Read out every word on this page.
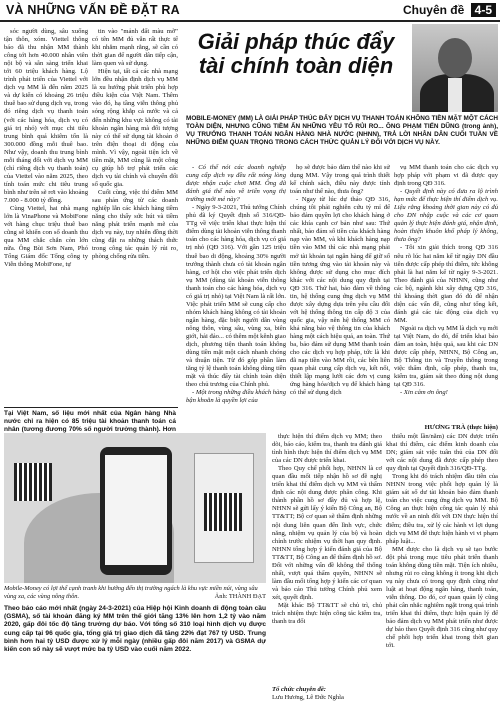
VÀ NHỮNG VẤN ĐỀ ĐẶT RA	Chuyên đề 4-5

sóc người dùng, sâu xuống tận thôn, xóm. Viettel thông báo đã thu nhận MM thành công tới hơn 40.000 nhân viên nội bộ và sẵn sàng triển khai tới 60 triệu khách hàng. Lộ trình phát triển của Viettel với dịch vụ MM là đến năm 2025 và dự kiến có khoảng 26 triệu thuê bao sử dụng dịch vụ, trong đó riêng dịch vụ thanh toán (với các hàng hóa, dịch vụ có giá trị nhỏ) với mục chi tiêu trung bình quá khiêm tốn là 300.000 đồng mỗi thuê bao. Như vậy, doanh thu trung bình mỗi tháng đối với dịch vụ MM (chỉ riêng dịch vụ thanh toán) của Viettel vào năm 2025, theo tính toán mức chi tiêu trung bình như trên sẽ rơi vào khoảng 7.000 - 8.000 tỷ đồng.

Cùng Viettel, hai nhà mạng lớn là VinaPhone và MobiFone với hàng chục triệu thuê bao cũng sẽ khiến con số doanh thu qua MM chắc chắn còn lớn nữa. Ông Bùi Sơn Nam, Phó Tổng Giám đốc Tổng công ty Viễn thông MobiFone, tự

tin vào "mảnh đất màu mỡ" có tên MM đủ vẫn rất thực tế khi nhắm mạnh rằng, sẽ cần có thời gian để người dân tiếp cận, làm quen và sử dụng.

Hiện tại, tất cả các nhà mạng lớn đều nhận định dịch vụ MM là xu hướng phát triển phù hợp điều kiện của Việt Nam. Thêm vào đó, hạ tầng viễn thông phủ sóng rộng khắp cả nước và cả đến những khu vực không có tài khoản ngân hàng mà đối tượng này có thể sử dụng tài khoản ở trên điện thoại di động của mình. Vì vậy, ngoài tiện ích về tiền mặt, MM cũng là một công cụ giúp hỗ trợ phát triển các dịch vụ tài chính và chuyển đổi số quốc gia.

Cuối cùng, việc thí điểm MM sau phản ứng từ các doanh nghiệp lẫn các khách hàng tiềm năng cho thấy sức hút và tiềm năng phát triển mạnh mẽ của dịch vụ này, tuy nhiên đồng thời cũng đặt ra những thách thức trong công tác quản lý rủi ro, phòng chống rửa tiền.

Giải pháp thúc đẩy
tài chính toàn diện
MOBILE-MONEY (MM) LÀ GIẢI PHÁP THÚC ĐẨY DỊCH VỤ THANH TOÁN KHÔNG TIỀN MẶT MỘT CÁCH TOÀN DIỆN, NHƯNG CŨNG TIỀM ẨN NHỮNG YÊU TỐ RỦI RO... ÔNG PHẠM TIẾN DŨNG (trong ảnh), VỤ TRƯỞNG THANH TOÁN NGÂN HÀNG NHÀ NƯỚC (NHNN), TRẢ LỜI NHÂN DÂN CUỐI TUẦN VỀ NHỮNG ĐIỂM QUAN TRỌNG TRONG CÁCH THỨC QUẢN LÝ ĐỐI VỚI DỊCH VỤ NÀY.

- Có thể nói các doanh nghiệp cung cấp dịch vụ đều rất nóng lòng được nhận cuộc chơi MM. Ông đã đánh giá thế nào về triển vọng thị trường mới mẻ này?

- Ngày 9-3-2021, Thủ tướng Chính phủ đã ký Quyết định số 316/QĐ-TTg về việc triển khai thực hiện thí điểm dùng tài khoản viễn thông thanh toán cho các hàng hóa, dịch vụ có giá trị nhỏ (QĐ 316). Với gần 125 triệu thuê bao di động, khoảng 30% người trưởng thành chưa có tài khoản ngân hàng, cơ hội cho việc phát triển dịch vụ MM (dùng tài khoản viễn thông thanh toán cho các hàng hóa, dịch vụ có giá trị nhỏ) tại Việt Nam là rất lớn. Việc phát triển MM sẽ cung cấp cho nhóm khách hàng không có tài khoản ngân hàng, đặc biệt người dân vùng nông thôn, vùng sâu, vùng xa, biên giới, hải đảo... có thêm một kênh giao dịch, phương tiện thanh toán không dùng tiền mặt một cách nhanh chóng và thuận tiện. Từ đó góp phần làm tăng tỷ lệ thanh toán không dùng tiền mặt và thúc đẩy tài chính toàn diện theo chủ trương của Chính phủ.

- Một trong những điều khách hàng bận khoăn là quyền lợi của

họ sẽ được bảo đảm thế nào khi sử dụng MM. Vậy trong quá trình thiết kế chính sách, điều này được tính toán như thế nào, thưa ông?

- Ngay từ lúc dự thảo QĐ 316, chúng tôi phải nghiên cứu tỷ mỉ để bảo đảm quyền lợi cho khách hàng ở các khía cạnh cơ bản như sau: Thứ nhất, bảo đảm số tiền của khách hàng nạp vào MM, và khi khách hàng nạp tiền vào MM thì các nhà mạng phải mở tài khoản tại ngân hàng để giữ số tiền tương ứng vào tài khoản này và không được sử dụng cho mục đích khác với các nội dung quy định tại QĐ 316. Thứ hai, bảo đảm về thông tin, hệ thống cung ứng dịch vụ MM được xây dựng dựa trên yêu cầu đối với hệ thống thông tin cấp độ 3 của quốc gia, vậy nên hệ thống MM có khả năng bảo vệ thông tin của khách hàng một cách hiệu quả, an toàn. Thứ ba, bảo đảm sử dụng MM thanh toán cho các dịch vụ hợp pháp, tức là khi đã nạp tiền vào MM rồi, các bên liên quan phải cung cấp dịch vụ, kết nối, thiết lập mạng lưới các đơn vị cung ứng hàng hóa/dịch vụ để khách hàng có thể sử dụng dịch

vụ MM thanh toán cho các dịch vụ hợp pháp với phạm vi đã được quy định trong QĐ 316.

- Quyết định này có đưa ra lộ trình hạn mức để thực hiện thí điểm dịch vụ. Liệu rằng khoảng thời gian này có đủ cho DN nhập cuộc và các cơ quan quản lý thực hiện đánh giá, nhận định, hoàn thiện khuôn khổ pháp lý không, thưa ông?

- Tôi xin giải thích trong QĐ 316 nêu rõ lúc hai năm kể từ ngày DN đầu tiên được cấp phép thí điểm, tức không phải là hai năm kể từ ngày 9-3-2021. Theo đánh giá của NHNN, cũng như các bộ, ngành khi xây dựng QĐ 316, thì khoảng thời gian đó đủ để nhận diện các vấn đề, cũng như tổng kết, đánh giá các tác động của dịch vụ MM.

Ngoài ra dịch vụ MM là dịch vụ mới tại Việt Nam, do đó, để triển khai bảo đảm an toàn, hiệu quả, sau khi các DN được cấp phép, NHNN, Bộ Công an, Bộ Thông tin và Truyền thông trong việc thẩm định, cấp phép, thanh tra, kiểm tra, giám sát theo đúng nội dung tại QĐ 316.

- Xin cảm ơn ông!

HƯƠNG TRÀ (thực hiện)
Tại Việt Nam, số liệu mới nhất của Ngân hàng Nhà nước chỉ ra hiện có 85 triệu tài khoản thanh toán cá nhân (tương đương 70% số người trưởng thành). Hơn
Mobile-Money có lợi thế cạnh tranh khi hướng đến thị trường ngách là khu vực miền núi, vùng sâu vùng xa, các vùng nông thôn.	Ảnh: THÀNH ĐẠT
Theo báo cáo mới nhất (ngày 24-3-2021) của Hiệp hội Kinh doanh di động toàn cầu (GSMA), số tài khoản đăng ký MM trên thế giới tăng 13% lên hơn 1,2 tỷ vào năm 2020, gấp đôi tốc độ tăng trưởng dự báo. Với tổng số 310 loại hình dịch vụ được cung cấp tại 96 quốc gia, tổng giá trị giao dịch đã tăng 22% đạt 767 tỷ USD. Trung bình hơn hai tỷ USD được xử lý mỗi ngày (nhiều gấp đôi năm 2017) và GSMA dự kiến con số này sẽ vượt mức ba tỷ USD vào cuối năm 2022.

thực hiện thí điểm dịch vụ MM; theo dõi, báo cáo, kiểm tra, thanh tra đánh giá tình hình thực hiện thí điểm dịch vụ MM của các DN được triển khai.

Theo Quy chế phối hợp, NHNN là cơ quan đầu mối tiếp nhận hồ sơ đề nghị triển khai thí điểm dịch vụ MM và thẩm định các nội dung được phân công. Khi thành phần hồ sơ đầy đủ và hợp lệ, NHNN sẽ gửi lấy ý kiến Bộ Công an, Bộ TT&TT; Bộ cơ quan sẽ thẩm định những nội dung liên quan đến lĩnh vực, chức năng, nhiệm vụ quản lý của bộ và hoàn chỉnh trước nhiệm vụ thời hạn quy định. NHNN tổng hợp ý kiến đánh giá của Bộ TT&TT, Bộ Công an để thẩm định hồ sơ. Đối với những vấn đề không thể thống nhất, vượt quá thẩm quyền, NHNN sẽ làm đầu mối tổng hợp ý kiến các cơ quan và báo cáo Thủ tướng Chính phủ xem xét, quyết định.

Mặt khác Bộ TT&TT sẽ chủ trì, chủ trách nhiệm thực hiện công tác kiểm tra, thanh tra đối

thiểu một lần/năm) các DN được triển khai thí điểm, các điểm kinh doanh của DN; giám sát việc tuân thủ của DN đối với các nội dung đã được cấp phép theo quy định tại Quyết định 316/QĐ-TTg.

Trong khi đó trách nhiệm đầu tiên của NHNN trong việc phối hợp quản lý là giám sát số dư tài khoản bảo đảm thanh toán cho việc cung ứng dịch vụ MM. Bộ Công an thực hiện công tác quản lý nhà nước về an ninh đối với DN thực hiện thí điểm; điều tra, xử lý các hành vi lợi dụng dịch vụ MM để thực hiện hành vi vi phạm pháp luật...

MM được cho là dịch vụ sẽ tạo bước đột phá trong mục tiêu phát triển thanh toán không dùng tiền mặt. Tiện ích nhiều, nhưng rủi ro cũng không ít trong khi dịch vụ này chưa có trong quy định cũng như luật at hoạt động ngân hàng, thanh toán, viễn thông. Do đó, cơ quan quản lý cũng phải cân nhắc nghiêm ngặt trong quá trình triển khai thí điểm, thực hiện quản lý để bảo đảm dịch vụ MM phát triển như được dự báo theo Quyết định 316 cũng như quy chế phối hợp triển khai trong thời gian tới.

Tổ chức chuyên đề:
Lưu Hương, Lê Đức Nghĩa
